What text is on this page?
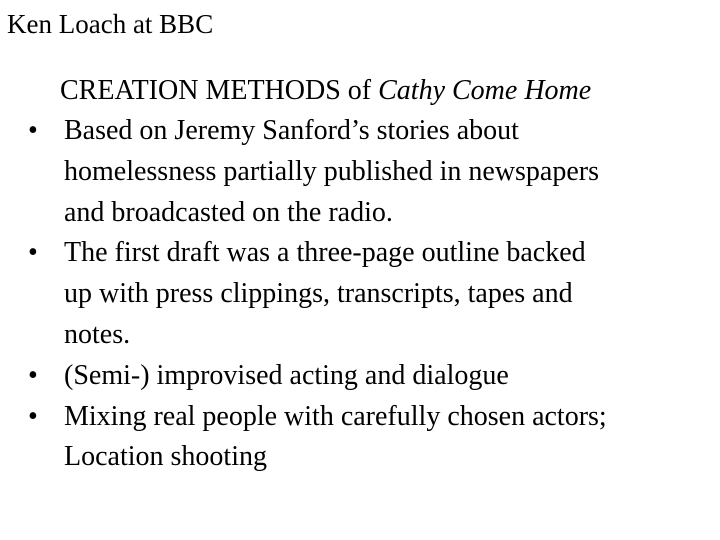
Ken Loach at BBC
CREATION METHODS of Cathy Come Home
• Based on Jeremy Sanford’s stories about
homelessness partially published in newspapers
and broadcasted on the radio.
• The first draft was a three-page outline backed
up with press clippings, transcripts, tapes and
notes.
• (Semi-) improvised acting and dialogue
• Mixing real people with carefully chosen actors;
Location shooting
